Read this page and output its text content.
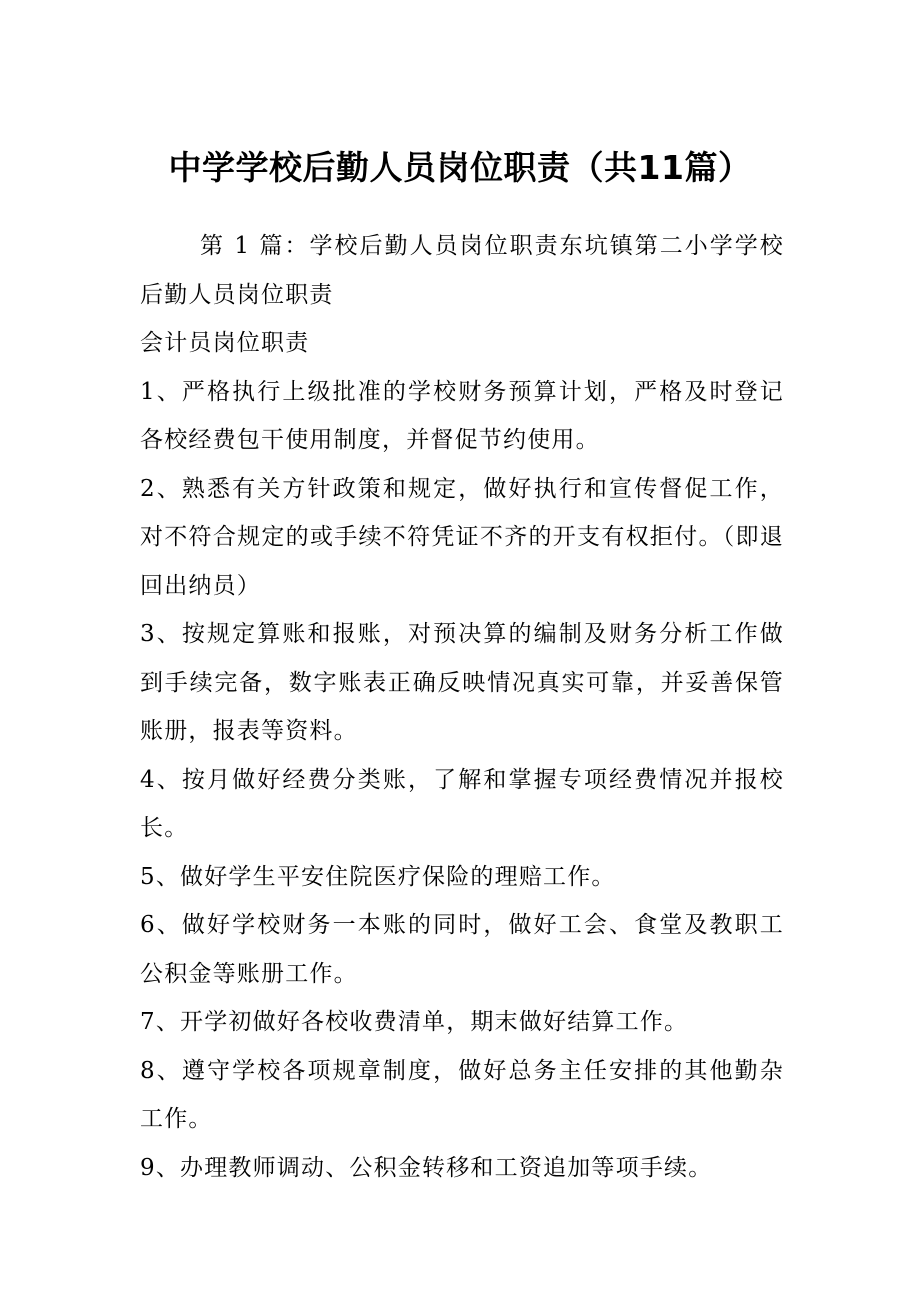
中学学校后勤人员岗位职责（共11篇）

第 1 篇：学校后勤人员岗位职责东坑镇第二小学学校后勤人员岗位职责

会计员岗位职责

1、严格执行上级批准的学校财务预算计划，严格及时登记各校经费包干使用制度，并督促节约使用。

2、熟悉有关方针政策和规定，做好执行和宣传督促工作，对不符合规定的或手续不符凭证不齐的开支有权拒付。（即退回出纳员）

3、按规定算账和报账，对预决算的编制及财务分析工作做到手续完备，数字账表正确反映情况真实可靠，并妥善保管账册，报表等资料。

4、按月做好经费分类账，了解和掌握专项经费情况并报校长。

5、做好学生平安住院医疗保险的理赔工作。

6、做好学校财务一本账的同时，做好工会、食堂及教职工公积金等账册工作。

7、开学初做好各校收费清单，期末做好结算工作。

8、遵守学校各项规章制度，做好总务主任安排的其他勤杂工作。

9、办理教师调动、公积金转移和工资追加等项手续。
